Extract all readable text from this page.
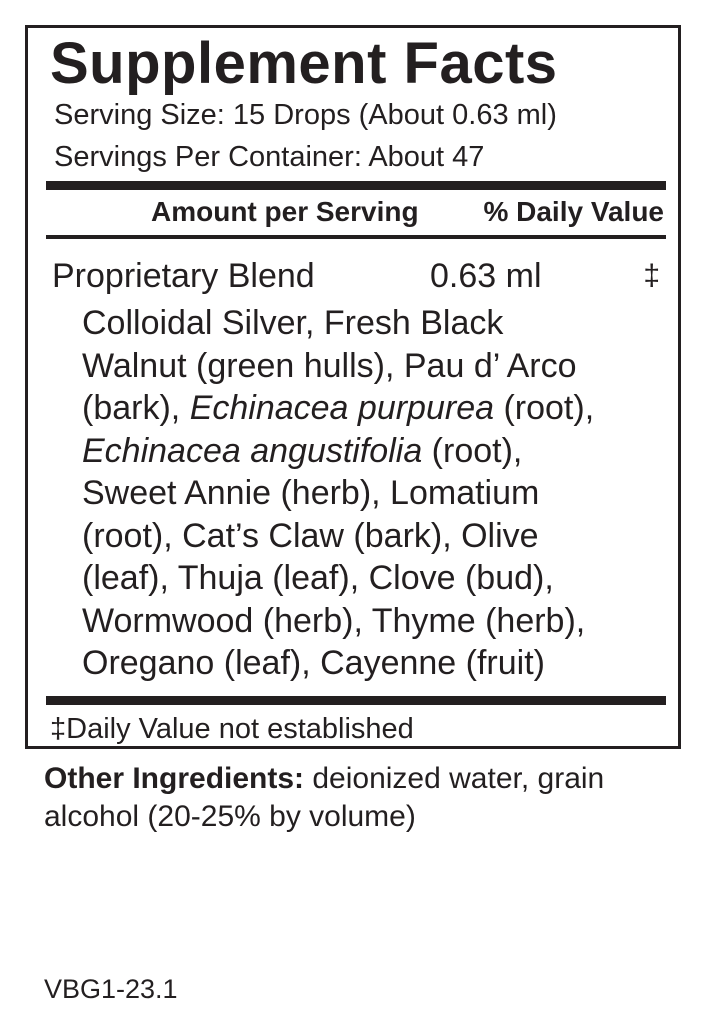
Supplement Facts
Serving Size: 15 Drops (About 0.63 ml)
Servings Per Container: About 47
Amount per Serving % Daily Value
Proprietary Blend	0.63 ml	‡
Colloidal Silver, Fresh Black
Walnut (green hulls), Pau d’ Arco
(bark), Echinacea purpurea (root),
Echinacea angustifolia (root),
Sweet Annie (herb), Lomatium
(root), Cat’s Claw (bark), Olive
(leaf), Thuja (leaf), Clove (bud),
Wormwood (herb), Thyme (herb),
Oregano (leaf), Cayenne (fruit)
‡Daily Value not established
Other Ingredients: deionized water, grain
alcohol (20-25% by volume)
VBG1-23.1
